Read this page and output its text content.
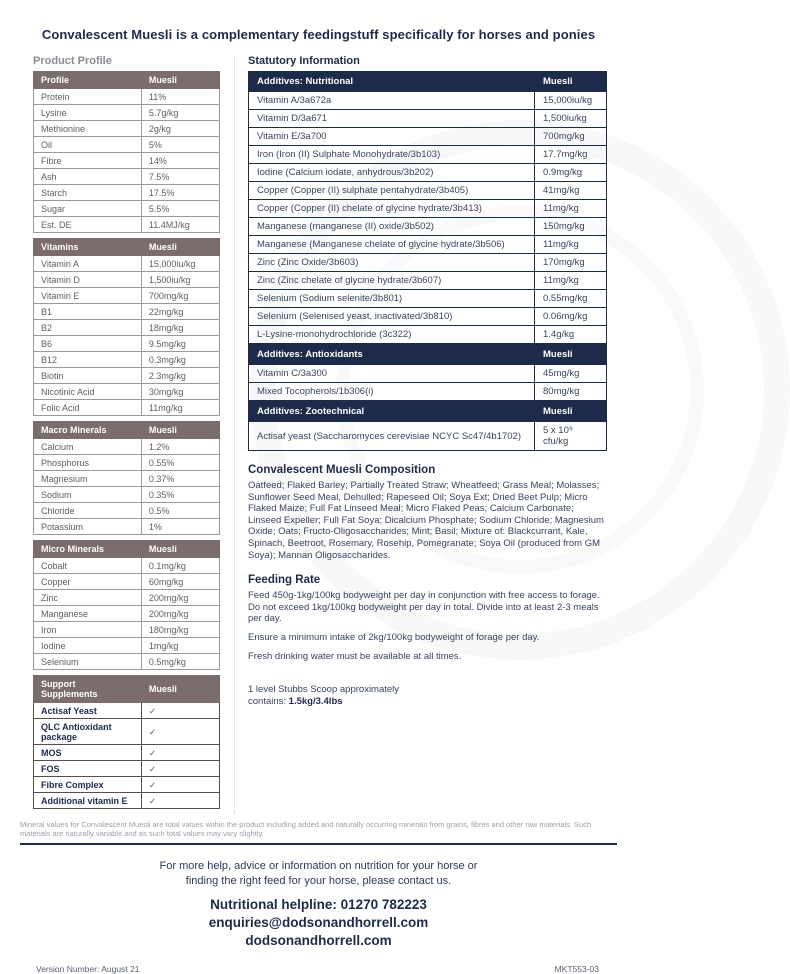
Convalescent Muesli is a complementary feedingstuff specifically for horses and ponies
Product Profile
Profile	Muesli
Protein	11%
Lysine	5.7g/kg
Methionine	2g/kg
Oil	5%
Fibre	14%
Ash	7.5%
Starch	17.5%
Sugar	5.5%
Est. DE	11.4MJ/kg
Vitamins	Muesli
Vitamin A	15,000iu/kg
Vitamin D	1,500iu/kg
Vitamin E	700mg/kg
B1	22mg/kg
B2	18mg/kg
B6	9.5mg/kg
B12	0.3mg/kg
Biotin	2.3mg/kg
Nicotinic Acid	30mg/kg
Folic Acid	11mg/kg
Macro Minerals	Muesli
Calcium	1.2%
Phosphorus	0.55%
Magnesium	0.37%
Sodium	0.35%
Chloride	0.5%
Potassium	1%
Micro Minerals	Muesli
Cobalt	0.1mg/kg
Copper	60mg/kg
Zinc	200mg/kg
Manganese	200mg/kg
Iron	180mg/kg
Iodine	1mg/kg
Selenium	0.5mg/kg
Support Supplements	Muesli
Actisaf Yeast	✓
QLC Antioxidant package	✓
MOS	✓
FOS	✓
Fibre Complex	✓
Additional vitamin E	✓
Statutory Information
Additives: Nutritional	Muesli
Vitamin A/3a672a	15,000iu/kg
Vitamin D/3a671	1,500iu/kg
Vitamin E/3a700	700mg/kg
Iron (Iron (II) Sulphate Monohydrate/3b103)	17.7mg/kg
Iodine (Calcium iodate, anhydrous/3b202)	0.9mg/kg
Copper (Copper (II) sulphate pentahydrate/3b405)	41mg/kg
Copper (Copper (II) chelate of glycine hydrate/3b413)	11mg/kg
Manganese (manganese (II) oxide/3b502)	150mg/kg
Manganese (Manganese chelate of glycine hydrate/3b506)	11mg/kg
Zinc (Zinc Oxide/3b603)	170mg/kg
Zinc (Zinc chelate of glycine hydrate/3b607)	11mg/kg
Selenium (Sodium selenite/3b801)	0.55mg/kg
Selenium (Selenised yeast, inactivated/3b810)	0.06mg/kg
L-Lysine-monohydrochloride (3c322)	1.4g/kg
Additives: Antioxidants	Muesli
Vitamin C/3a300	45mg/kg
Mixed Tocopherols/1b306(i)	80mg/kg
Additives: Zootechnical	Muesli
Actisaf yeast (Saccharomyces cerevisiae NCYC Sc47/4b1702)	5 x 10⁹ cfu/kg
Convalescent Muesli Composition
Oatfeed; Flaked Barley; Partially Treated Straw; Wheatfeed; Grass Meal; Molasses; Sunflower Seed Meal, Dehulled; Rapeseed Oil; Soya Ext; Dried Beet Pulp; Micro Flaked Maize; Full Fat Linseed Meal; Micro Flaked Peas; Calcium Carbonate; Linseed Expeller; Full Fat Soya; Dicalcium Phosphate; Sodium Chloride; Magnesium Oxide; Oats; Fructo-Oligosaccharides; Mint; Basil; Mixture of: Blackcurrant, Kale, Spinach, Beetroot, Rosemary, Rosehip, Pomegranate; Soya Oil (produced from GM Soya); Mannan Oligosaccharides.
Feeding Rate
Feed 450g-1kg/100kg bodyweight per day in conjunction with free access to forage. Do not exceed 1kg/100kg bodyweight per day in total. Divide into at least 2-3 meals per day.
Ensure a minimum intake of 2kg/100kg bodyweight of forage per day.
Fresh drinking water must be available at all times.
1 level Stubbs Scoop approximately
contains: 1.5kg/3.4lbs
Mineral values for Convalescent Muesli are total values within the product including added and naturally occurring minerals from grains, fibres and other raw materials. Such materials are naturally variable and as such total values may vary slightly.
For more help, advice or information on nutrition for your horse or
finding the right feed for your horse, please contact us.
Nutritional helpline: 01270 782223
enquiries@dodsonandhorrell.com
dodsonandhorrell.com
Version Number: August 21	MKT553-03
